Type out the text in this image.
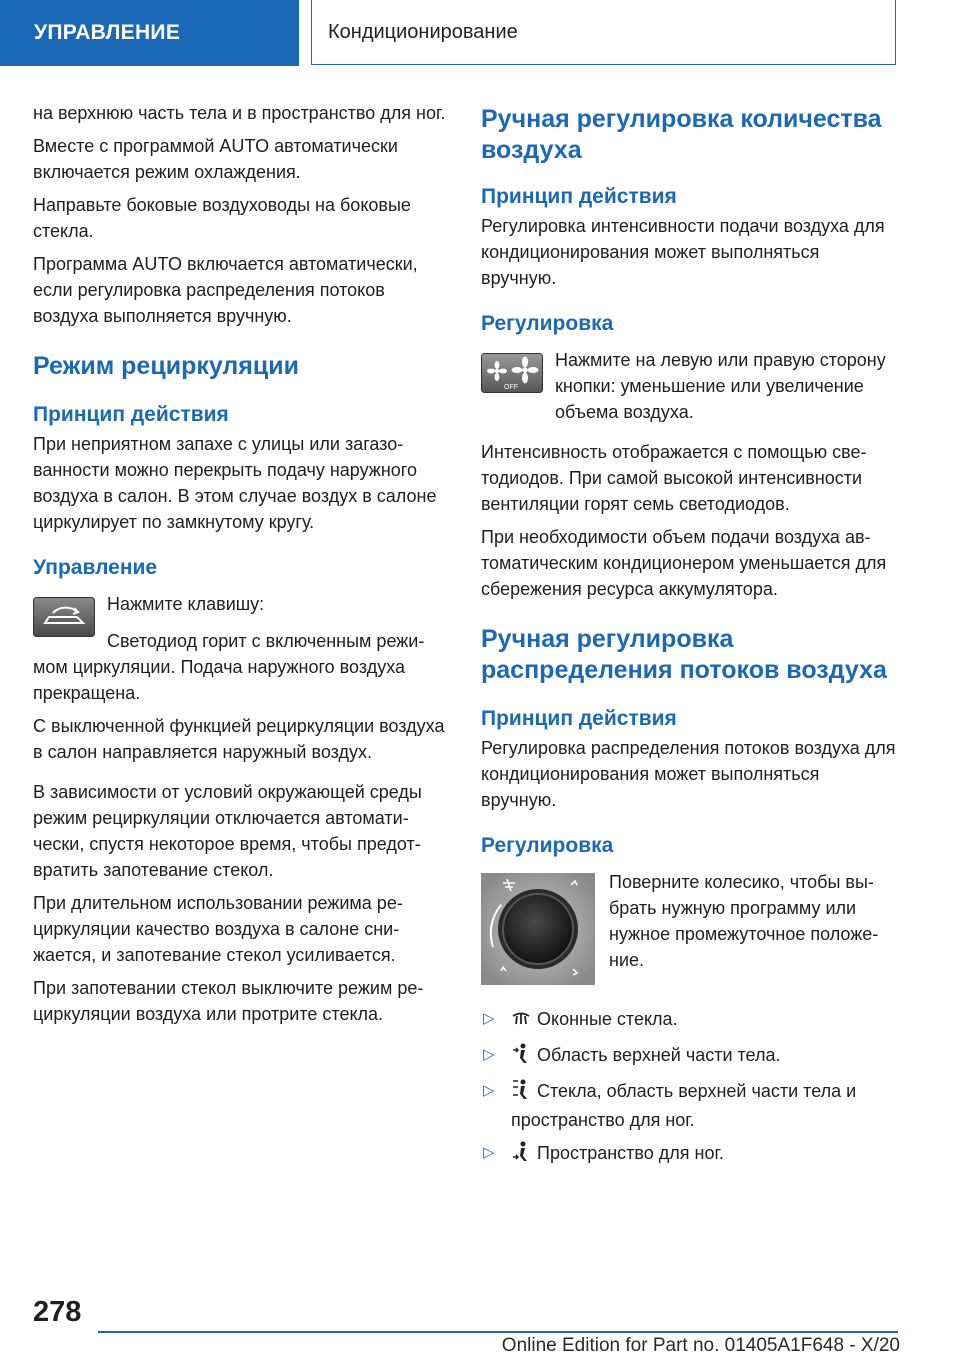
УПРАВЛЕНИЕ	Кондиционирование

на верхнюю часть тела и в пространство для ног.

Вместе с программой AUTO автоматически включается режим охлаждения.

Направьте боковые воздуховоды на боковые стекла.

Программа AUTO включается автоматически, если регулировка распределения потоков воздуха выполняется вручную.

Режим рециркуляции
Принцип действия

При неприятном запахе с улицы или загазованности можно перекрыть подачу наружного воздуха в салон. В этом случае воздух в салоне циркулирует по замкнутому кругу.

Управление

Нажмите клавишу:

Светодиод горит с включенным режимом циркуляции. Подача наружного воздуха прекращена.

С выключенной функцией рециркуляции воздуха в салон направляется наружный воздух.

В зависимости от условий окружающей среды режим рециркуляции отключается автоматически, спустя некоторое время, чтобы предотвратить запотевание стекол.

При длительном использовании режима рециркуляции качество воздуха в салоне снижается, и запотевание стекол усиливается.

При запотевании стекол выключите режим рециркуляции воздуха или протрите стекла.

Ручная регулировка количества воздуха
Принцип действия

Регулировка интенсивности подачи воздуха для кондиционирования может выполняться вручную.

Регулировка
OFF

Нажмите на левую или правую сторону кнопки: уменьшение или увеличение объема воздуха.

Интенсивность отображается с помощью светодиодов. При самой высокой интенсивности вентиляции горят семь светодиодов.

При необходимости объем подачи воздуха автоматическим кондиционером уменьшается для сбережения ресурса аккумулятора.

Ручная регулировка распределения потоков воздуха
Принцип действия

Регулировка распределения потоков воздуха для кондиционирования может выполняться вручную.

Регулировка

Поверните колесико, чтобы выбрать нужную программу или нужное промежуточное положение.

▷ Оконные стекла.
▷ Область верхней части тела.
▷ Стекла, область верхней части тела и пространство для ног.
▷ Пространство для ног.
278
Online Edition for Part no. 01405A1F648 - X/20
